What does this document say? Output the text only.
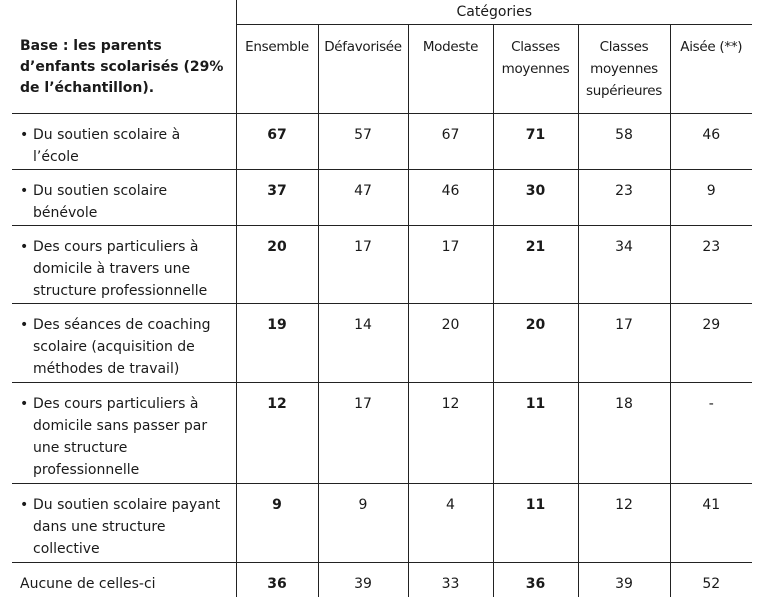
	Catégories					
Base : les parents d’enfants scolarisés (29% de l’échantillon).	Ensemble	Défavorisée	Modeste	Classes moyennes	Classes moyennes supérieures	Aisée (**)
• Du soutien scolaire à l’école	67	57	67	71	58	46
• Du soutien scolaire bénévole	37	47	46	30	23	9
• Des cours particuliers à domicile à travers une structure professionnelle	20	17	17	21	34	23
• Des séances de coaching scolaire (acquisition de méthodes de travail)	19	14	20	20	17	29
• Des cours particuliers à domicile sans passer par une structure professionnelle	12	17	12	11	18	-
• Du soutien scolaire payant dans une structure collective	9	9	4	11	12	41
Aucune de celles-ci	36	39	33	36	39	52
